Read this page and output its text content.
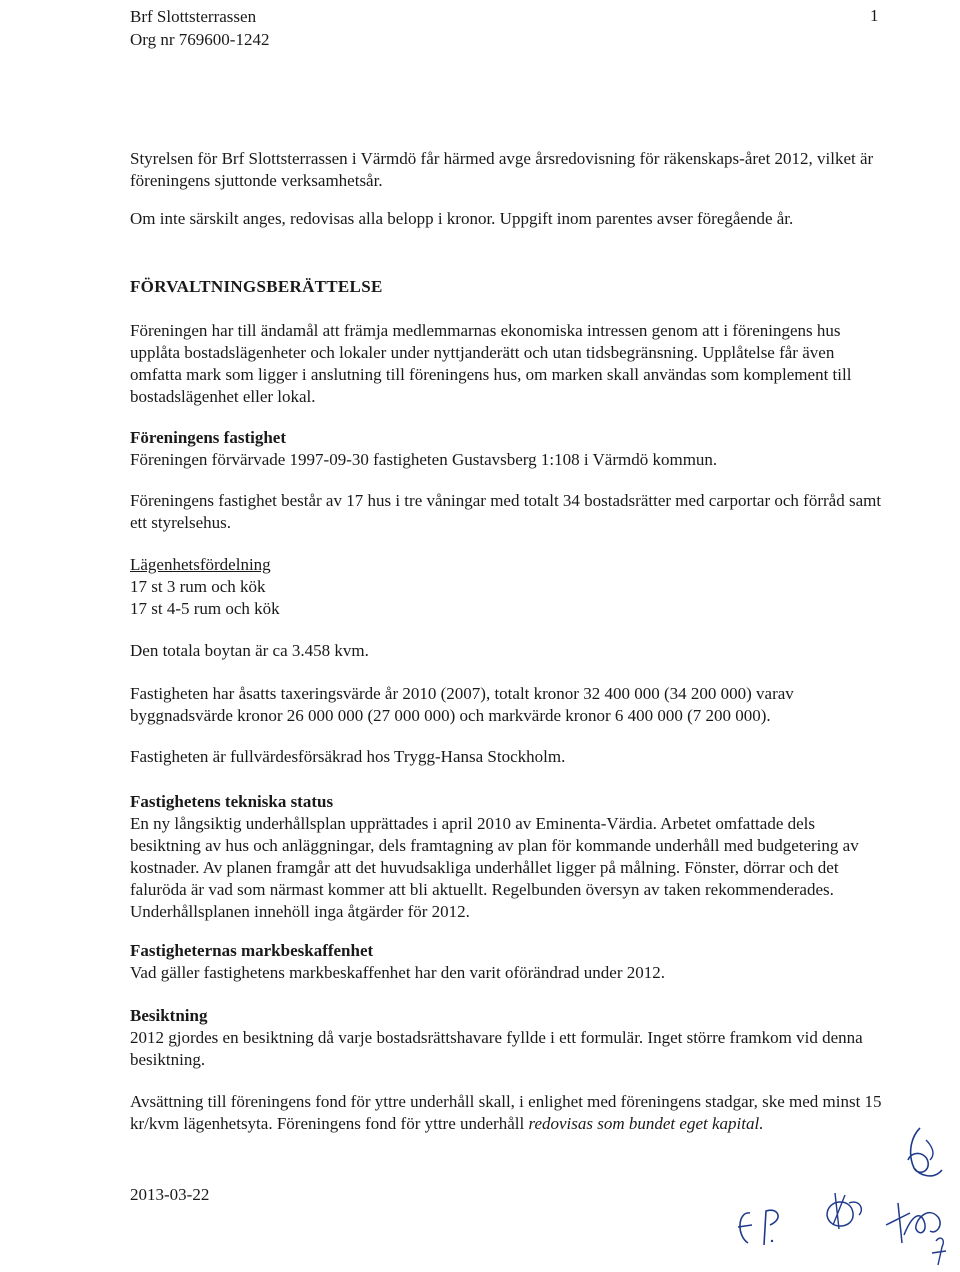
Brf Slottsterrassen
Org nr 769600-1242
1

Styrelsen för Brf Slottsterrassen i Värmdö får härmed avge årsredovisning för räkenskaps-året 2012, vilket är föreningens sjuttonde verksamhetsår.

Om inte särskilt anges, redovisas alla belopp i kronor. Uppgift inom parentes avser föregående år.

FÖRVALTNINGSBERÄTTELSE

Föreningen har till ändamål att främja medlemmarnas ekonomiska intressen genom att i föreningens hus upplåta bostadslägenheter och lokaler under nyttjanderätt och utan tidsbegränsning. Upplåtelse får även omfatta mark som ligger i anslutning till föreningens hus, om marken skall användas som komplement till bostadslägenhet eller lokal.

Föreningens fastighet

Föreningen förvärvade 1997-09-30 fastigheten Gustavsberg 1:108 i Värmdö kommun.

Föreningens fastighet består av 17 hus i tre våningar med totalt 34 bostadsrätter med carportar och förråd samt ett styrelsehus.

Lägenhetsfördelning
17 st 3 rum och kök
17 st 4-5 rum och kök

Den totala boytan är ca 3.458 kvm.

Fastigheten har åsatts taxeringsvärde år 2010 (2007), totalt kronor 32 400 000 (34 200 000) varav byggnadsvärde kronor 26 000 000 (27 000 000) och markvärde kronor 6 400 000 (7 200 000).

Fastigheten är fullvärdesförsäkrad hos Trygg-Hansa Stockholm.

Fastighetens tekniska status

En ny långsiktig underhållsplan upprättades i april 2010 av Eminenta-Värdia. Arbetet omfattade dels besiktning av hus och anläggningar, dels framtagning av plan för kommande underhåll med budgetering av kostnader. Av planen framgår att det huvudsakliga underhållet ligger på målning. Fönster, dörrar och det faluröda är vad som närmast kommer att bli aktuellt. Regelbunden översyn av taken rekommenderades. Underhållsplanen innehöll inga åtgärder för 2012.

Fastigheternas markbeskaffenhet

Vad gäller fastighetens markbeskaffenhet har den varit oförändrad under 2012.

Besiktning

2012 gjordes en besiktning då varje bostadsrättshavare fyllde i ett formulär. Inget större framkom vid denna besiktning.

Avsättning till föreningens fond för yttre underhåll skall, i enlighet med föreningens stadgar, ske med minst 15 kr/kvm lägenhetsyta. Föreningens fond för yttre underhåll redovisas som bundet eget kapital.

2013-03-22
